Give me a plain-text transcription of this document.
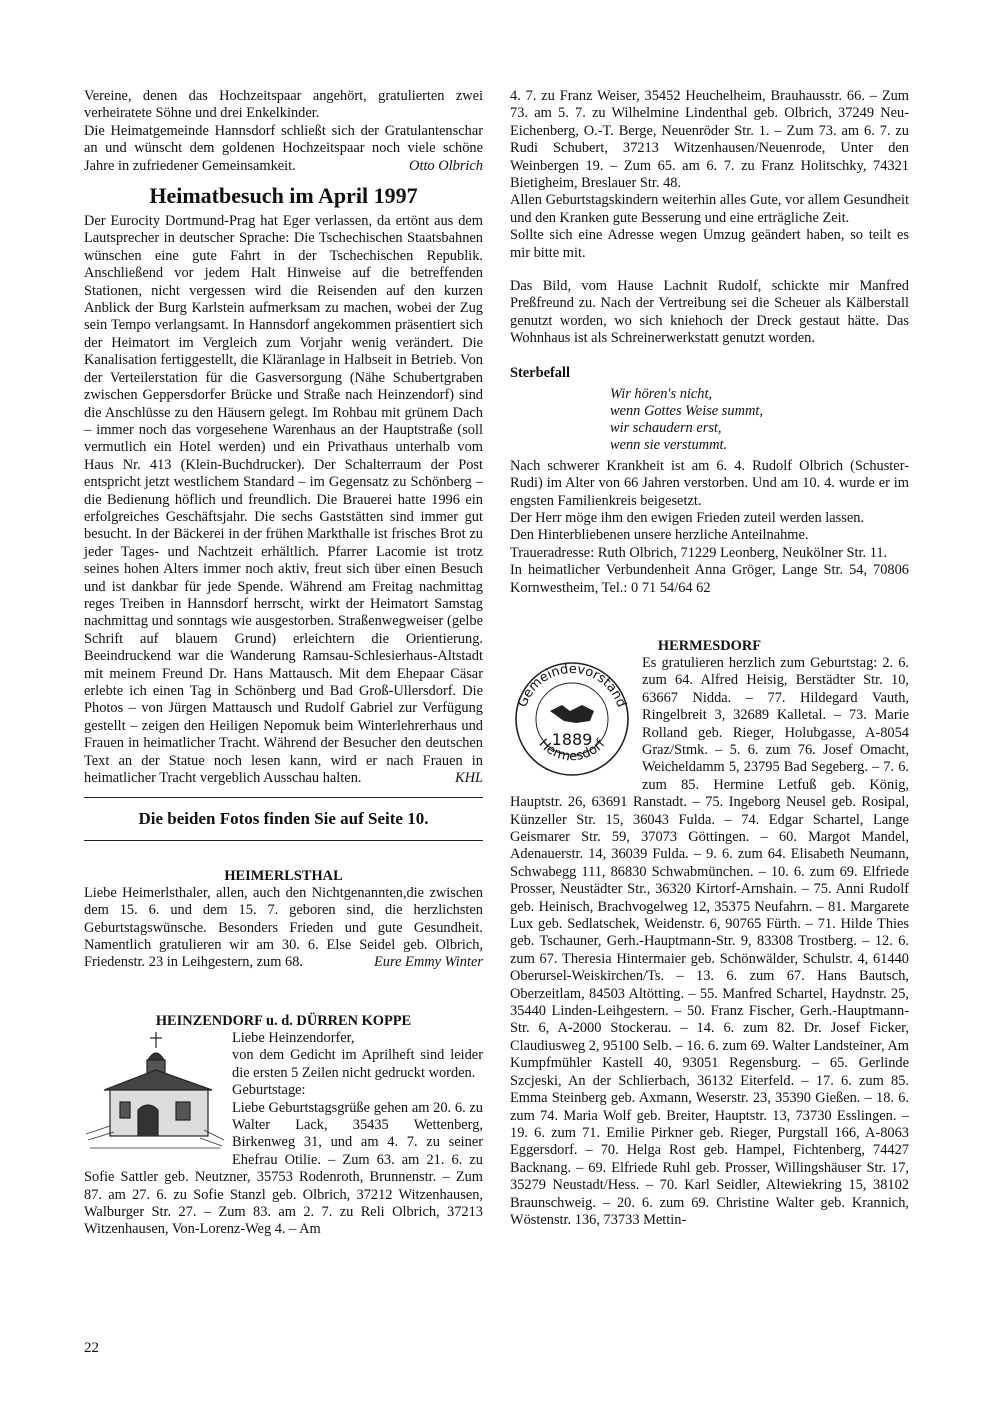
Vereine, denen das Hochzeitspaar angehört, gratulierten zwei verheiratete Söhne und drei Enkelkinder.

Die Heimatgemeinde Hannsdorf schließt sich der Gratulantenschar an und wünscht dem goldenen Hochzeitspaar noch viele schöne Jahre in zufriedener Gemeinsamkeit.	Otto Olbrich

Heimatbesuch im April 1997

Der Eurocity Dortmund-Prag hat Eger verlassen, da ertönt aus dem Lautsprecher in deutscher Sprache: Die Tschechischen Staatsbahnen wünschen eine gute Fahrt in der Tschechischen Republik. Anschließend vor jedem Halt Hinweise auf die betreffenden Stationen, nicht vergessen wird die Reisenden auf den kurzen Anblick der Burg Karlstein aufmerksam zu machen, wobei der Zug sein Tempo verlangsamt. In Hannsdorf angekommen präsentiert sich der Heimatort im Vergleich zum Vorjahr wenig verändert. Die Kanalisation fertiggestellt, die Kläranlage in Halbseit in Betrieb. Von der Verteilerstation für die Gasversorgung (Nähe Schubertgraben zwischen Geppersdorfer Brücke und Straße nach Heinzendorf) sind die Anschlüsse zu den Häusern gelegt. Im Rohbau mit grünem Dach – immer noch das vorgesehene Warenhaus an der Hauptstraße (soll vermutlich ein Hotel werden) und ein Privathaus unterhalb vom Haus Nr. 413 (Klein-Buchdrucker). Der Schalterraum der Post entspricht jetzt westlichem Standard – im Gegensatz zu Schönberg – die Bedienung höflich und freundlich. Die Brauerei hatte 1996 ein erfolgreiches Geschäftsjahr. Die sechs Gaststätten sind immer gut besucht. In der Bäckerei in der frühen Markthalle ist frisches Brot zu jeder Tages- und Nachtzeit erhältlich. Pfarrer Lacomie ist trotz seines hohen Alters immer noch aktiv, freut sich über einen Besuch und ist dankbar für jede Spende. Während am Freitag nachmittag reges Treiben in Hannsdorf herrscht, wirkt der Heimatort Samstag nachmittag und sonntags wie ausgestorben. Straßenwegweiser (gelbe Schrift auf blauem Grund) erleichtern die Orientierung. Beeindruckend war die Wanderung Ramsau-Schlesierhaus-Altstadt mit meinem Freund Dr. Hans Mattausch. Mit dem Ehepaar Cäsar erlebte ich einen Tag in Schönberg und Bad Groß-Ullersdorf. Die Photos – von Jürgen Mattausch und Rudolf Gabriel zur Verfügung gestellt – zeigen den Heiligen Nepomuk beim Winterlehrerhaus und Frauen in heimatlicher Tracht. Während der Besucher den deutschen Text an der Statue noch lesen kann, wird er nach Frauen in heimatlicher Tracht vergeblich Ausschau halten.	KHL

Die beiden Fotos finden Sie auf Seite 10.
HEIMERLSTHAL

Liebe Heimerlsthaler, allen, auch den Nichtgenannten,die zwischen dem 15. 6. und dem 15. 7. geboren sind, die herzlichsten Geburtstagswünsche. Besonders Frieden und gute Gesundheit. Namentlich gratulieren wir am 30. 6. Else Seidel geb. Olbrich, Friedenstr. 23 in Leihgestern, zum 68.	Eure Emmy Winter

HEINZENDORF u. d. DÜRREN KOPPE

Liebe Heinzendorfer,

von dem Gedicht im Aprilheft sind leider die ersten 5 Zeilen nicht gedruckt worden.

Geburtstage:

Liebe Geburtstagsgrüße gehen am 20. 6. zu Walter Lack, 35435 Wettenberg, Birkenweg 31, und am 4. 7. zu seiner Ehefrau Otilie. – Zum 63. am 21. 6. zu Sofie Sattler geb. Neutzner, 35753 Rodenroth, Brunnenstr. – Zum 87. am 27. 6. zu Sofie Stanzl geb. Olbrich, 37212 Witzenhausen, Walburger Str. 27. – Zum 83. am 2. 7. zu Reli Olbrich, 37213 Witzenhausen, Von-Lorenz-Weg 4. – Am

4. 7. zu Franz Weiser, 35452 Heuchelheim, Brauhausstr. 66. – Zum 73. am 5. 7. zu Wilhelmine Lindenthal geb. Olbrich, 37249 Neu-Eichenberg, O.-T. Berge, Neuenröder Str. 1. – Zum 73. am 6. 7. zu Rudi Schubert, 37213 Witzenhausen/Neuenrode, Unter den Weinbergen 19. – Zum 65. am 6. 7. zu Franz Holitschky, 74321 Bietigheim, Breslauer Str. 48.

Allen Geburtstagskindern weiterhin alles Gute, vor allem Gesundheit und den Kranken gute Besserung und eine erträgliche Zeit.

Sollte sich eine Adresse wegen Umzug geändert haben, so teilt es mir bitte mit.

Das Bild, vom Hause Lachnit Rudolf, schickte mir Manfred Preßfreund zu. Nach der Vertreibung sei die Scheuer als Kälberstall genutzt worden, wo sich kniehoch der Dreck gestaut hätte. Das Wohnhaus ist als Schreinerwerkstatt genutzt worden.

Sterbefall
Wir hören's nicht,
wenn Gottes Weise summt,
wir schaudern erst,
wenn sie verstummt.

Nach schwerer Krankheit ist am 6. 4. Rudolf Olbrich (Schuster-Rudi) im Alter von 66 Jahren verstorben. Und am 10. 4. wurde er im engsten Familienkreis beigesetzt.

Der Herr möge ihm den ewigen Frieden zuteil werden lassen.

Den Hinterbliebenen unsere herzliche Anteilnahme.

Traueradresse: Ruth Olbrich, 71229 Leonberg, Neukölner Str. 11.

In heimatlicher Verbundenheit Anna Gröger, Lange Str. 54, 70806 Kornwestheim, Tel.: 0 71 54/64 62

HERMESDORF
Gemeindevorstand
Hermesdorf
1889

Es gratulieren herzlich zum Geburtstag: 2. 6. zum 64. Alfred Heisig, Berstädter Str. 10, 63667 Nidda. – 77. Hildegard Vauth, Ringelbreit 3, 32689 Kalletal. – 73. Marie Rolland geb. Rieger, Holubgasse, A-8054 Graz/Stmk. – 5. 6. zum 76. Josef Omacht, Weicheldamm 5, 23795 Bad Segeberg. – 7. 6. zum 85. Hermine Letfuß geb. König, Hauptstr. 26, 63691 Ranstadt. – 75. Ingeborg Neusel geb. Rosipal, Künzeller Str. 15, 36043 Fulda. – 74. Edgar Schartel, Lange Geismarer Str. 59, 37073 Göttingen. – 60. Margot Mandel, Adenauerstr. 14, 36039 Fulda. – 9. 6. zum 64. Elisabeth Neumann, Schwabegg 111, 86830 Schwabmünchen. – 10. 6. zum 69. Elfriede Prosser, Neustädter Str., 36320 Kirtorf-Arnshain. – 75. Anni Rudolf geb. Heinisch, Brachvogelweg 12, 35375 Neufahrn. – 81. Margarete Lux geb. Sedlatschek, Weidenstr. 6, 90765 Fürth. – 71. Hilde Thies geb. Tschauner, Gerh.-Hauptmann-Str. 9, 83308 Trostberg. – 12. 6. zum 67. Theresia Hintermaier geb. Schönwälder, Schulstr. 4, 61440 Oberursel-Weiskirchen/Ts. – 13. 6. zum 67. Hans Bautsch, Oberzeitlam, 84503 Altötting. – 55. Manfred Schartel, Haydnstr. 25, 35440 Linden-Leihgestern. – 50. Franz Fischer, Gerh.-Hauptmann-Str. 6, A-2000 Stockerau. – 14. 6. zum 82. Dr. Josef Ficker, Claudiusweg 2, 95100 Selb. – 16. 6. zum 69. Walter Landsteiner, Am Kumpfmühler Kastell 40, 93051 Regensburg. – 65. Gerlinde Szcjeski, An der Schlierbach, 36132 Eiterfeld. – 17. 6. zum 85. Emma Steinberg geb. Axmann, Weserstr. 23, 35390 Gießen. – 18. 6. zum 74. Maria Wolf geb. Breiter, Hauptstr. 13, 73730 Esslingen. – 19. 6. zum 71. Emilie Pirkner geb. Rieger, Purgstall 166, A-8063 Eggersdorf. – 70. Helga Rost geb. Hampel, Fichtenberg, 74427 Backnang. – 69. Elfriede Ruhl geb. Prosser, Willingshäuser Str. 17, 35279 Neustadt/Hess. – 70. Karl Seidler, Altewiekring 15, 38102 Braunschweig. – 20. 6. zum 69. Christine Walter geb. Krannich, Wöstenstr. 136, 73733 Mettin-

22
